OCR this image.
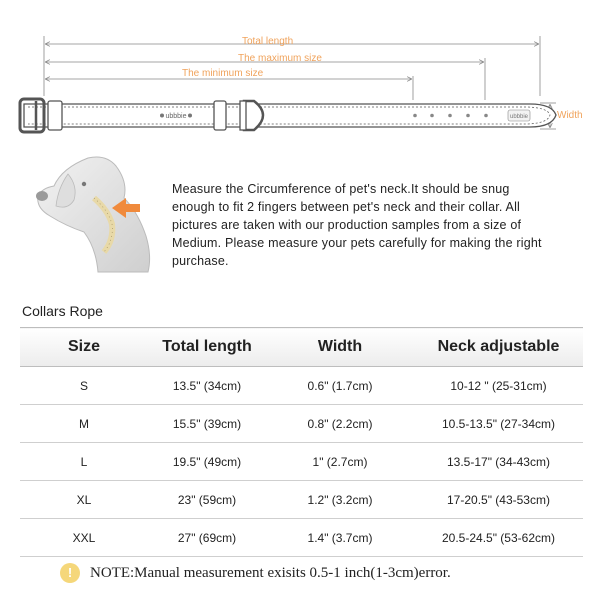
ubbbie	ubbbie
Total length
The maximum size
The minimum size
Width
Measure the Circumference of pet's neck.It should be snug enough to fit 2 fingers between pet's neck and their collar. All pictures are taken with our production samples from a size of Medium. Please measure your pets carefully for making the right purchase.
Collars Rope
Size	Total length	Width	Neck adjustable
S	13.5" (34cm)	0.6" (1.7cm)	10-12 " (25-31cm)
M	15.5" (39cm)	0.8" (2.2cm)	10.5-13.5" (27-34cm)
L	19.5" (49cm)	1" (2.7cm)	13.5-17" (34-43cm)
XL	23" (59cm)	1.2" (3.2cm)	17-20.5" (43-53cm)
XXL	27" (69cm)	1.4" (3.7cm)	20.5-24.5" (53-62cm)
!	NOTE:Manual measurement exisits 0.5-1 inch(1-3cm)error.
